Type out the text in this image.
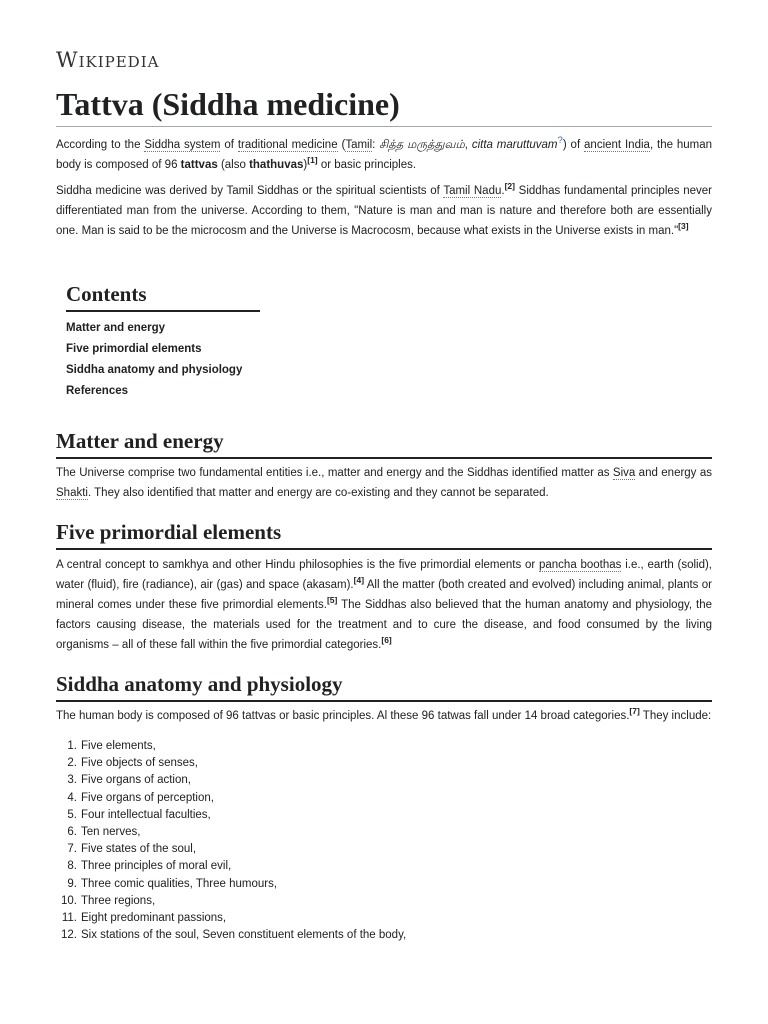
Wikipedia
Tattva (Siddha medicine)

According to the Siddha system of traditional medicine (Tamil: சித்த மருத்துவம், citta maruttuvam?) of ancient India, the human body is composed of 96 tattvas (also thathuvas)[1] or basic principles.

Siddha medicine was derived by Tamil Siddhas or the spiritual scientists of Tamil Nadu.[2] Siddhas fundamental principles never differentiated man from the universe. According to them, "Nature is man and man is nature and therefore both are essentially one. Man is said to be the microcosm and the Universe is Macrocosm, because what exists in the Universe exists in man."[3]

Contents
Matter and energy
Five primordial elements
Siddha anatomy and physiology
References
Matter and energy

The Universe comprise two fundamental entities i.e., matter and energy and the Siddhas identified matter as Siva and energy as Shakti. They also identified that matter and energy are co-existing and they cannot be separated.

Five primordial elements

A central concept to samkhya and other Hindu philosophies is the five primordial elements or pancha boothas i.e., earth (solid), water (fluid), fire (radiance), air (gas) and space (akasam).[4] All the matter (both created and evolved) including animal, plants or mineral comes under these five primordial elements.[5] The Siddhas also believed that the human anatomy and physiology, the factors causing disease, the materials used for the treatment and to cure the disease, and food consumed by the living organisms – all of these fall within the five primordial categories.[6]

Siddha anatomy and physiology

The human body is composed of 96 tattvas or basic principles. Al these 96 tatwas fall under 14 broad categories.[7] They include:

1. Five elements,
2. Five objects of senses,
3. Five organs of action,
4. Five organs of perception,
5. Four intellectual faculties,
6. Ten nerves,
7. Five states of the soul,
8. Three principles of moral evil,
9. Three comic qualities, Three humours,
10. Three regions,
11. Eight predominant passions,
12. Six stations of the soul, Seven constituent elements of the body,
